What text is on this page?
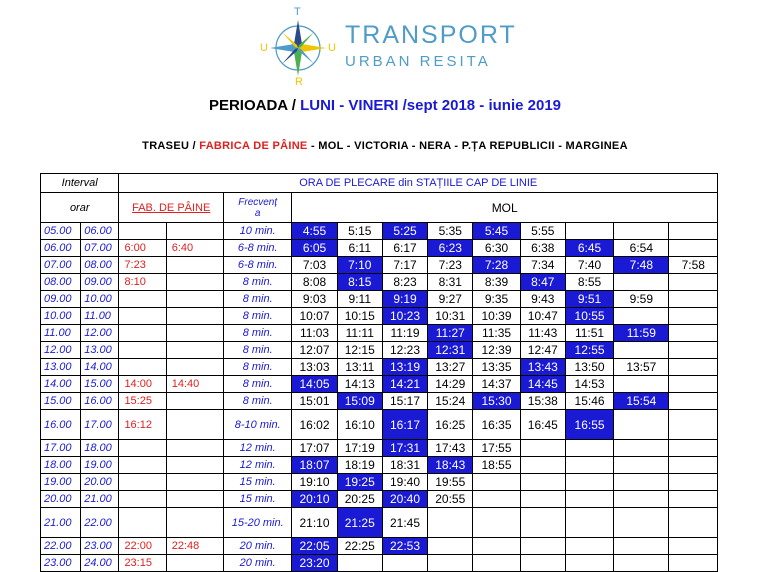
T
U	U
R
TRANSPORT
URBAN RESITA
PERIOADA / LUNI - VINERI /sept 2018 - iunie 2019
TRASEU / FABRICA DE PÂINE - MOL - VICTORIA - NERA - P.ȚA REPUBLICII - MARGINEA
Interval		ORA DE PLECARE din STAȚIILE CAP DE LINIE											
orar		FAB. DE PÂINE		Frecvenț
a	MOL								
05.00	06.00			10 min.	4:55	5:15	5:25	5:35	5:45	5:55			
06.00	07.00	6:00	6:40	6-8 min.	6:05	6:11	6:17	6:23	6:30	6:38	6:45	6:54	
07.00	08.00	7:23		6-8 min.	7:03	7:10	7:17	7:23	7:28	7:34	7:40	7:48	7:58
08.00	09.00	8:10		8 min.	8:08	8:15	8:23	8:31	8:39	8:47	8:55		
09.00	10.00			8 min.	9:03	9:11	9:19	9:27	9:35	9:43	9:51	9:59	
10.00	11.00			8 min.	10:07	10:15	10:23	10:31	10:39	10:47	10:55		
11.00	12.00			8 min.	11:03	11:11	11:19	11:27	11:35	11:43	11:51	11:59	
12.00	13.00			8 min.	12:07	12:15	12:23	12:31	12:39	12:47	12:55		
13.00	14.00			8 min.	13:03	13:11	13:19	13:27	13:35	13:43	13:50	13:57	
14.00	15.00	14:00	14:40	8 min.	14:05	14:13	14:21	14:29	14:37	14:45	14:53		
15.00	16.00	15:25		8 min.	15:01	15:09	15:17	15:24	15:30	15:38	15:46	15:54	
16.00	17.00	16:12		8-10 min.	16:02	16:10	16:17	16:25	16:35	16:45	16:55		
17.00	18.00			12 min.	17:07	17:19	17:31	17:43	17:55				
18.00	19.00			12 min.	18:07	18:19	18:31	18:43	18:55				
19.00	20.00			15 min.	19:10	19:25	19:40	19:55					
20.00	21.00			15 min.	20:10	20:25	20:40	20:55					
21.00	22.00			15-20 min.	21:10	21:25	21:45						
22.00	23.00	22:00	22:48	20 min.	22:05	22:25	22:53						
23.00	24.00	23:15		20 min.	23:20								
